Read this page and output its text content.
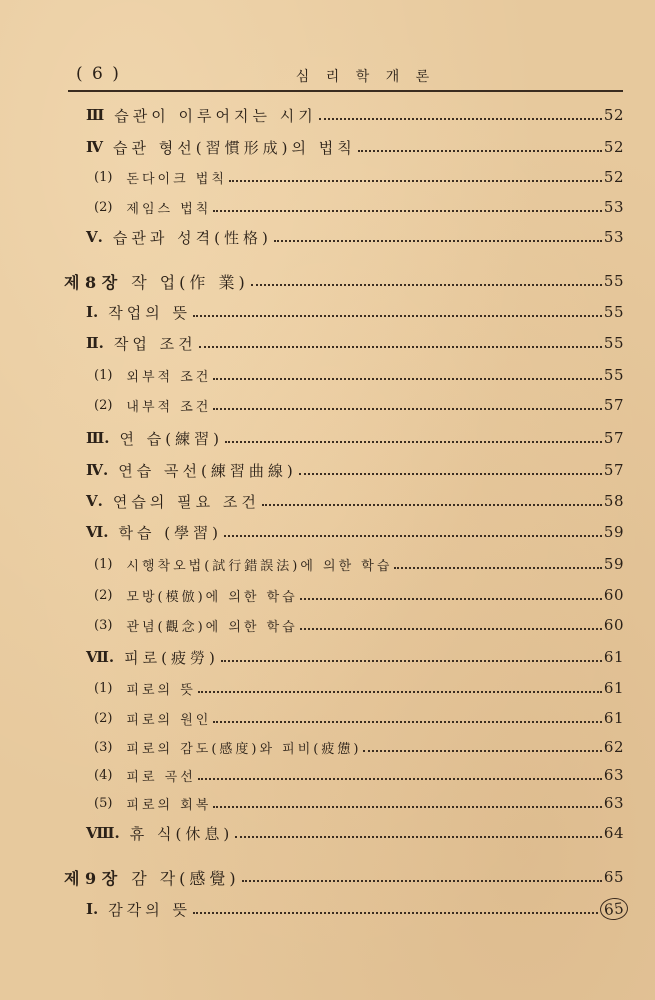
( 6 )	심 리 학 개 론
Ⅲ 습관이 이루어지는 시기	52
Ⅳ 습관 형선(習慣形成)의 법칙	52
(1) 돈다이크 법칙	52
(2) 제임스 법칙	53
Ⅴ. 습관과 성격(性格)	53
제 8 장 작 업(作 業)	55
Ⅰ. 작업의 뜻	55
Ⅱ. 작업 조건	55
(1) 외부적 조건	55
(2) 내부적 조건	57
Ⅲ. 연 습(練習)	57
Ⅳ. 연습 곡선(練習曲線)	57
Ⅴ. 연습의 필요 조건	58
Ⅵ. 학습 (學習)	59
(1) 시행착오법(試行錯誤法)에 의한 학습	59
(2) 모방(模倣)에 의한 학습	60
(3) 관념(觀念)에 의한 학습	60
Ⅶ. 피로(疲勞)	61
(1) 피로의 뜻	61
(2) 피로의 원인	61
(3) 피로의 감도(感度)와 피비(疲憊)	62
(4) 피로 곡선	63
(5) 피로의 회복	63
Ⅷ. 휴 식(休息)	64
제 9 장 감 각(感覺)	65
Ⅰ. 감각의 뜻	65
